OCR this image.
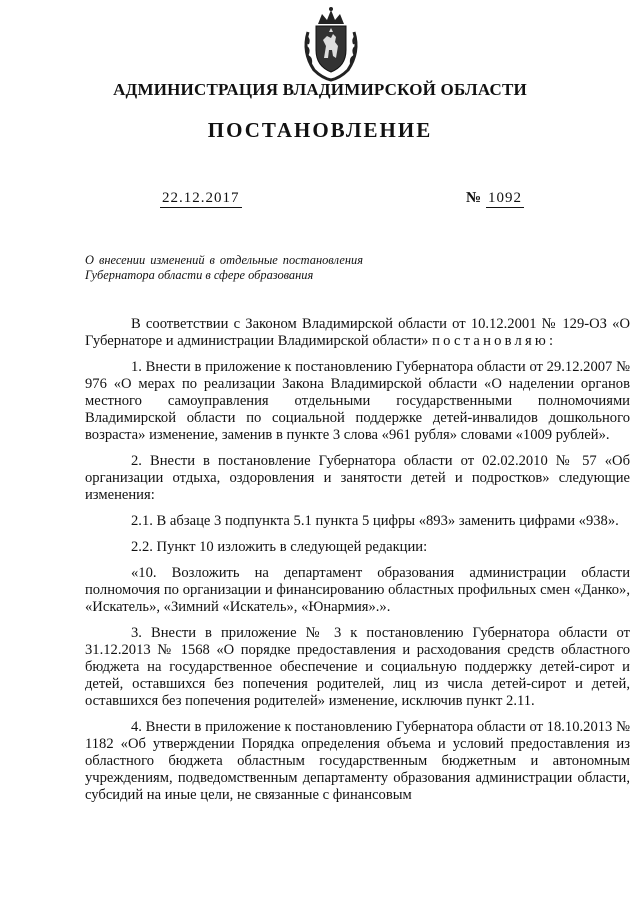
АДМИНИСТРАЦИЯ ВЛАДИМИРСКОЙ ОБЛАСТИ
ПОСТАНОВЛЕНИЕ
22.12.2017	№ 1092
О внесении изменений в отдельные постановления Губернатора области в сфере образования

В соответствии с Законом Владимирской области от 10.12.2001 № 129-ОЗ «О Губернаторе и администрации Владимирской области» постановляю:

1. Внести в приложение к постановлению Губернатора области от 29.12.2007 № 976 «О мерах по реализации Закона Владимирской области «О наделении органов местного самоуправления отдельными государственными полномочиями Владимирской области по социальной поддержке детей-инвалидов дошкольного возраста» изменение, заменив в пункте 3 слова «961 рубля» словами «1009 рублей».

2. Внести в постановление Губернатора области от 02.02.2010 № 57 «Об организации отдыха, оздоровления и занятости детей и подростков» следующие изменения:

2.1. В абзаце 3 подпункта 5.1 пункта 5 цифры «893» заменить цифрами «938».

2.2. Пункт 10 изложить в следующей редакции:

«10. Возложить на департамент образования администрации области полномочия по организации и финансированию областных профильных смен «Данко», «Искатель», «Зимний «Искатель», «Юнармия».».

3. Внести в приложение № 3 к постановлению Губернатора области от 31.12.2013 № 1568 «О порядке предоставления и расходования средств областного бюджета на государственное обеспечение и социальную поддержку детей-сирот и детей, оставшихся без попечения родителей, лиц из числа детей-сирот и детей, оставшихся без попечения родителей» изменение, исключив пункт 2.11.

4. Внести в приложение к постановлению Губернатора области от 18.10.2013 № 1182 «Об утверждении Порядка определения объема и условий предоставления из областного бюджета областным государственным бюджетным и автономным учреждениям, подведомственным департаменту образования администрации области, субсидий на иные цели, не связанные с финансовым
